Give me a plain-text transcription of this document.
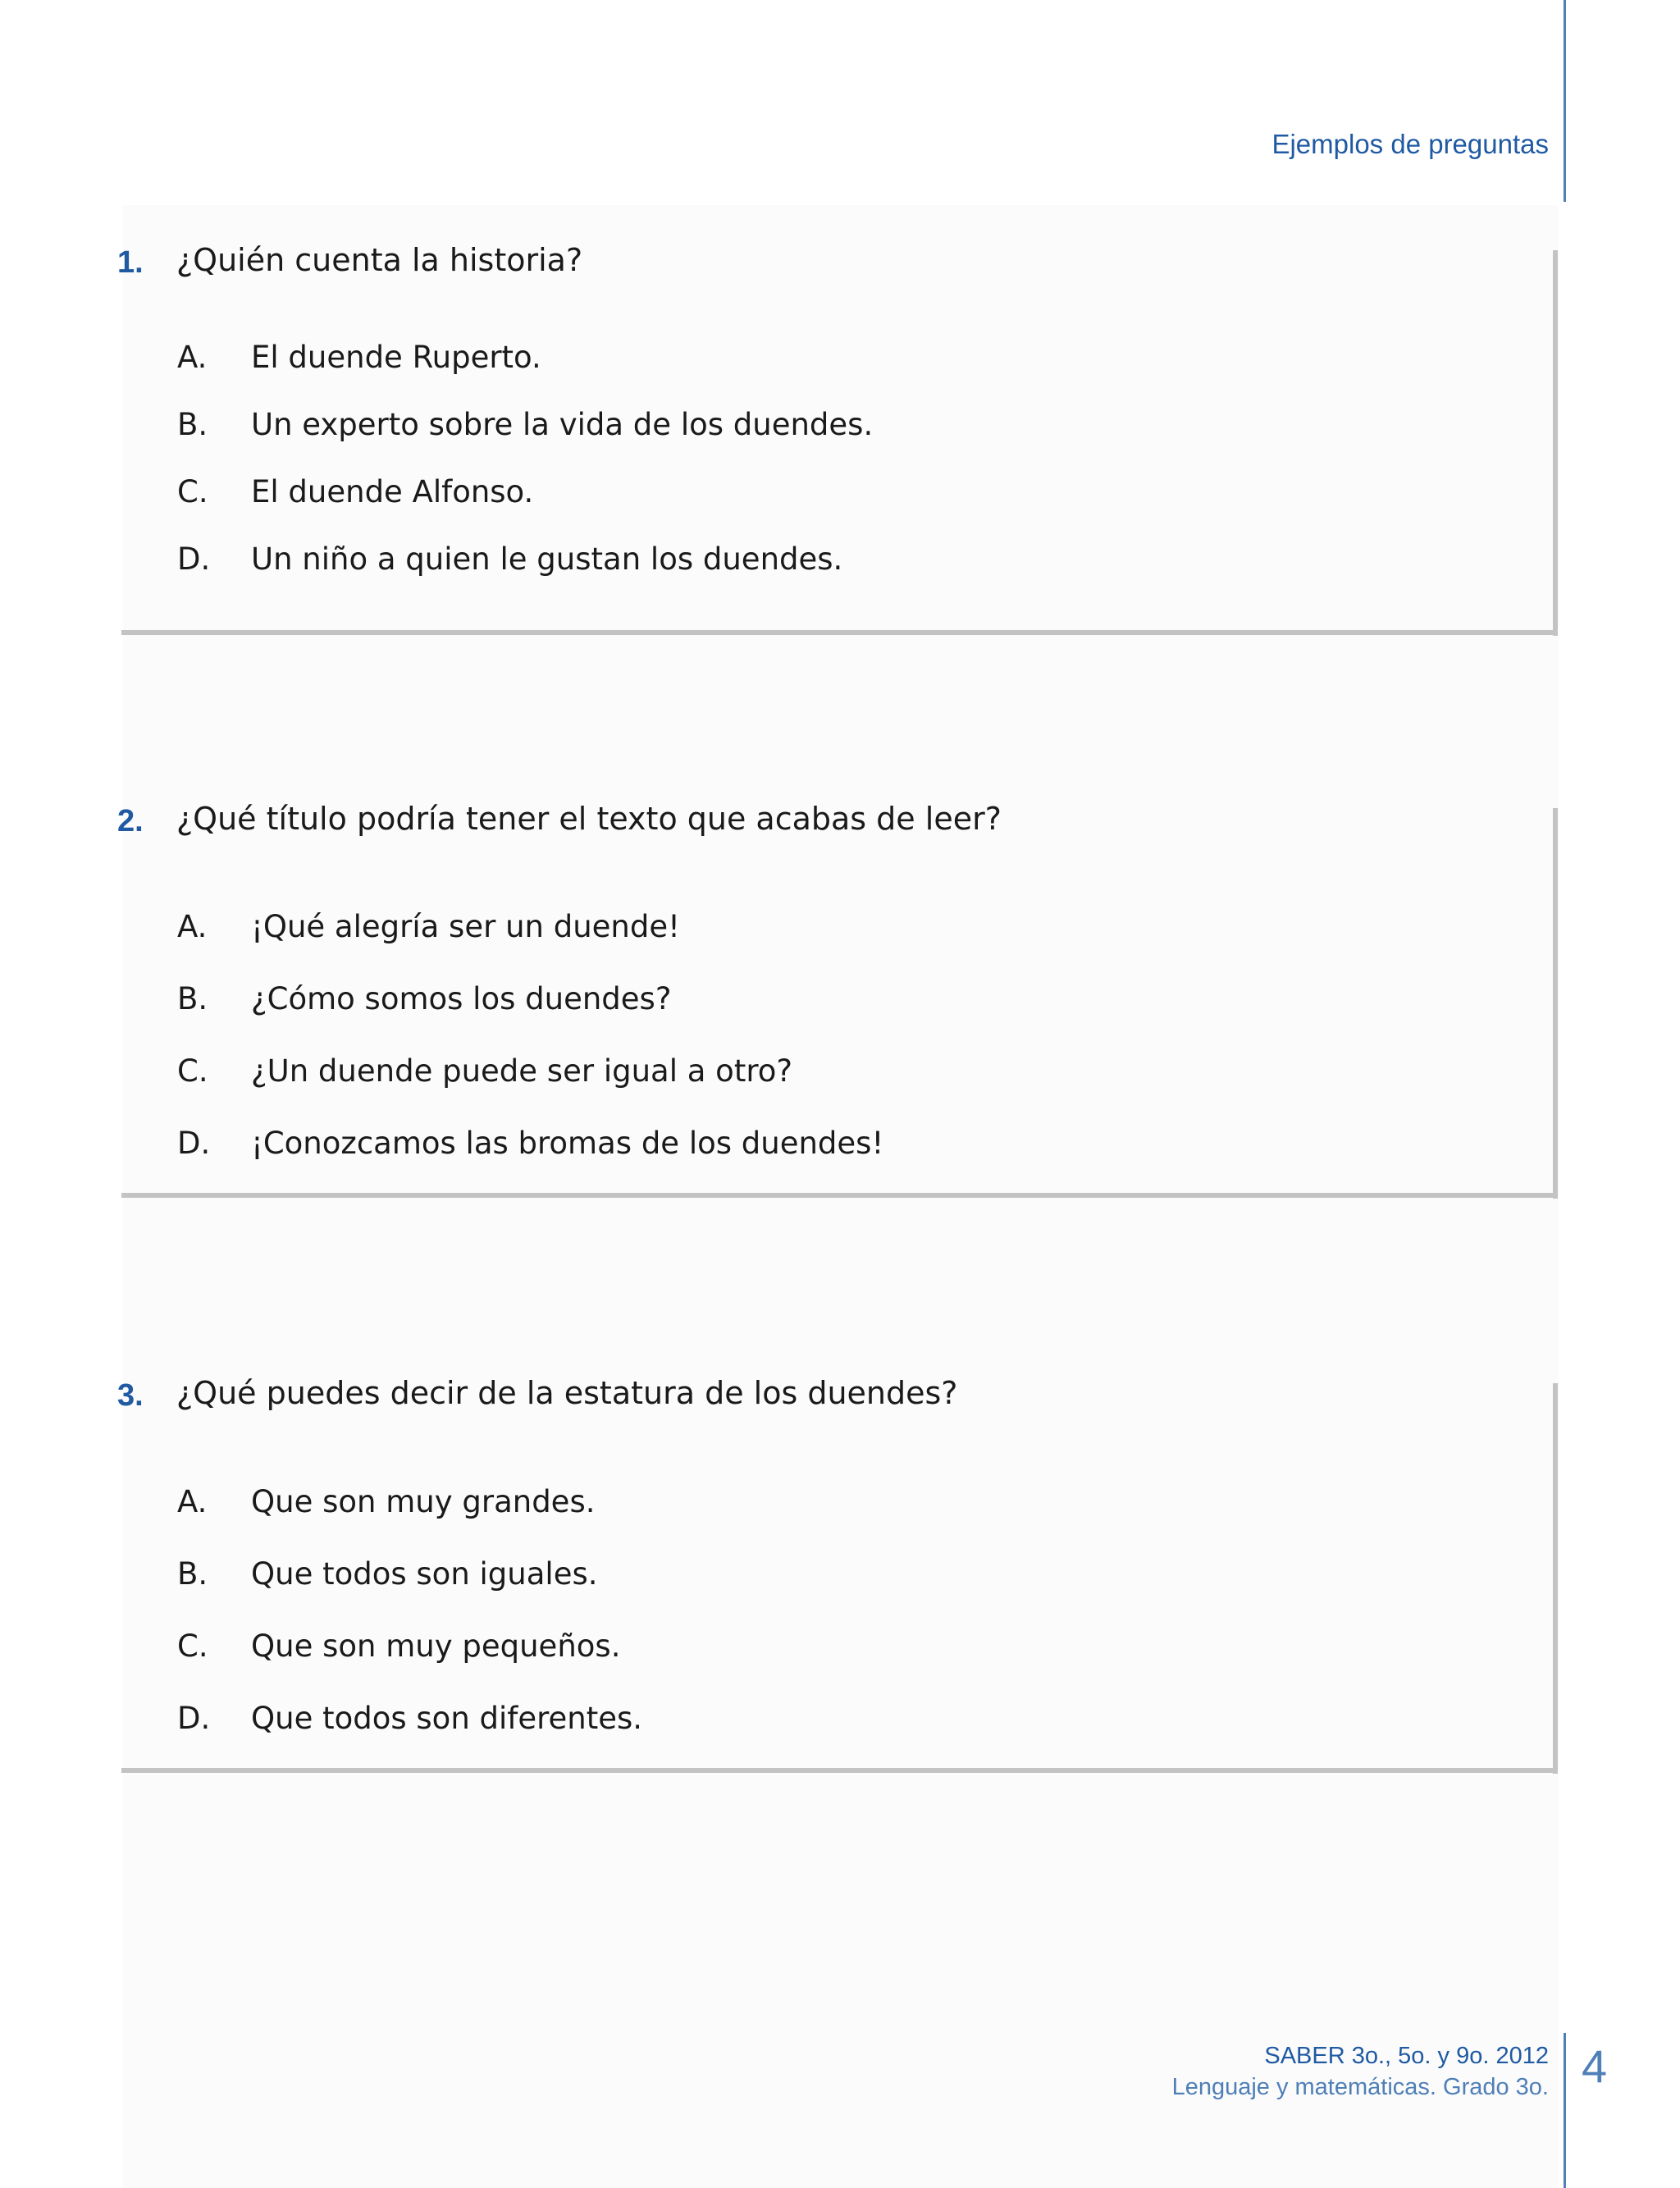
Ejemplos de preguntas
1. ¿Quién cuenta la historia?
A. El duende Ruperto.
B. Un experto sobre la vida de los duendes.
C. El duende Alfonso.
D. Un niño a quien le gustan los duendes.
2. ¿Qué título podría tener el texto que acabas de leer?
A. ¡Qué alegría ser un duende!
B. ¿Cómo somos los duendes?
C. ¿Un duende puede ser igual a otro?
D. ¡Conozcamos las bromas de los duendes!
3. ¿Qué puedes decir de la estatura de los duendes?
A. Que son muy grandes.
B. Que todos son iguales.
C. Que son muy pequeños.
D. Que todos son diferentes.
SABER 3o., 5o. y 9o. 2012
Lenguaje y matemáticas. Grado 3o. 4
